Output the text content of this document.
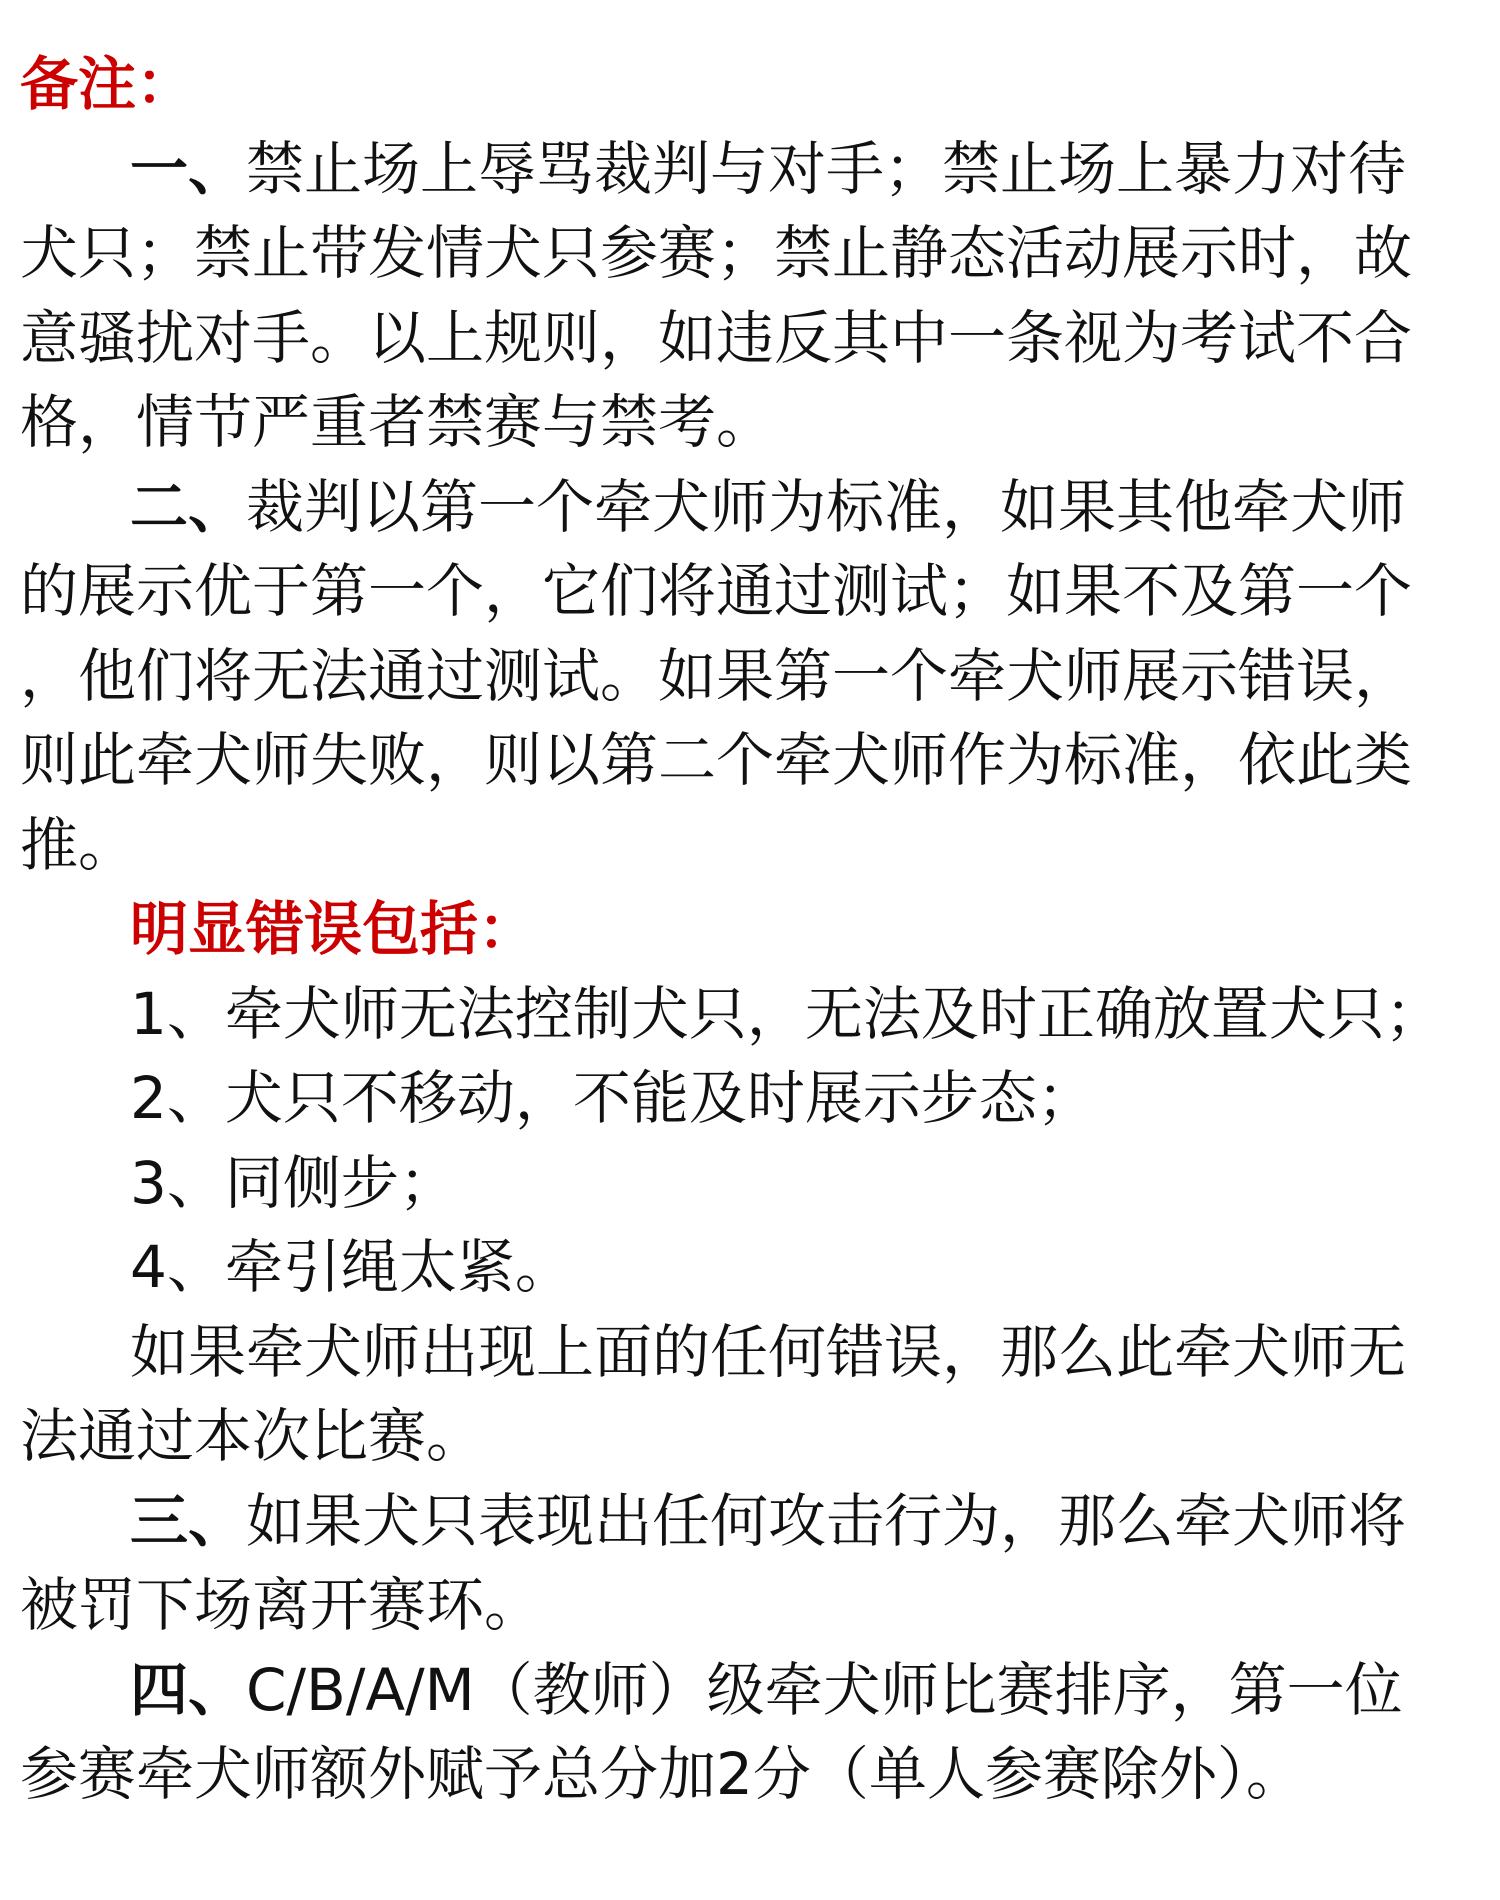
备注：
一、禁止场上辱骂裁判与对手；禁止场上暴力对待
犬只；禁止带发情犬只参赛；禁止静态活动展示时，故
意骚扰对手。以上规则，如违反其中一条视为考试不合
格，情节严重者禁赛与禁考。
二、裁判以第一个牵犬师为标准，如果其他牵犬师
的展示优于第一个，它们将通过测试；如果不及第一个
，他们将无法通过测试。如果第一个牵犬师展示错误，
则此牵犬师失败，则以第二个牵犬师作为标准，依此类
推。
明显错误包括：
1、牵犬师无法控制犬只，无法及时正确放置犬只；
2、犬只不移动，不能及时展示步态；
3、同侧步；
4、牵引绳太紧。
如果牵犬师出现上面的任何错误，那么此牵犬师无
法通过本次比赛。
三、如果犬只表现出任何攻击行为，那么牵犬师将
被罚下场离开赛环。
四、C/B/A/M（教师）级牵犬师比赛排序，第一位
参赛牵犬师额外赋予总分加2分（单人参赛除外）。
